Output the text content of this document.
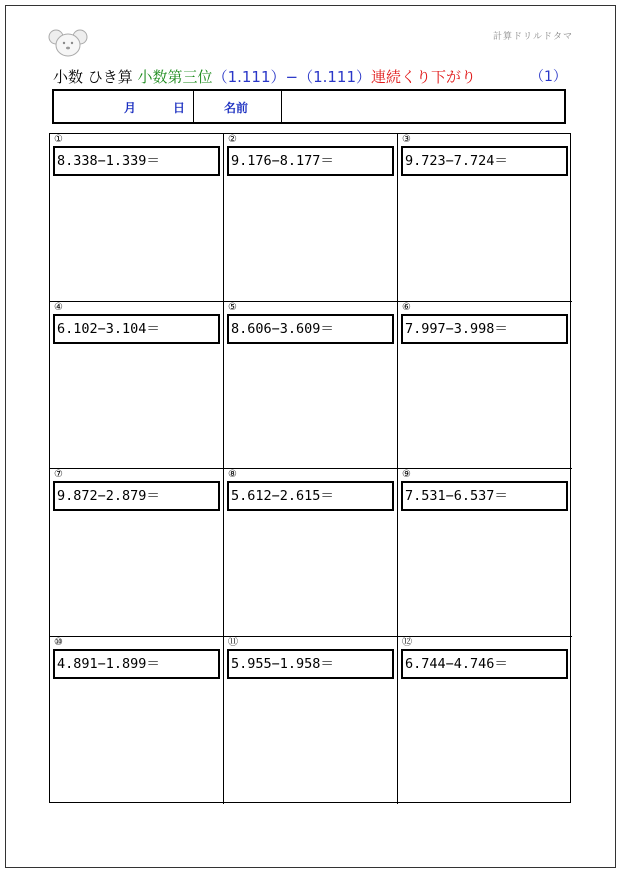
計算ドリルドタマ
小数 ひき算 小数第三位（1.111）−（1.111）連続くり下がり	（1）
月	日	名前
①
8.338−1.339＝
②
9.176−8.177＝
③
9.723−7.724＝
④
6.102−3.104＝
⑤
8.606−3.609＝
⑥
7.997−3.998＝
⑦
9.872−2.879＝
⑧
5.612−2.615＝
⑨
7.531−6.537＝
⑩
4.891−1.899＝
⑪
5.955−1.958＝
⑫
6.744−4.746＝
